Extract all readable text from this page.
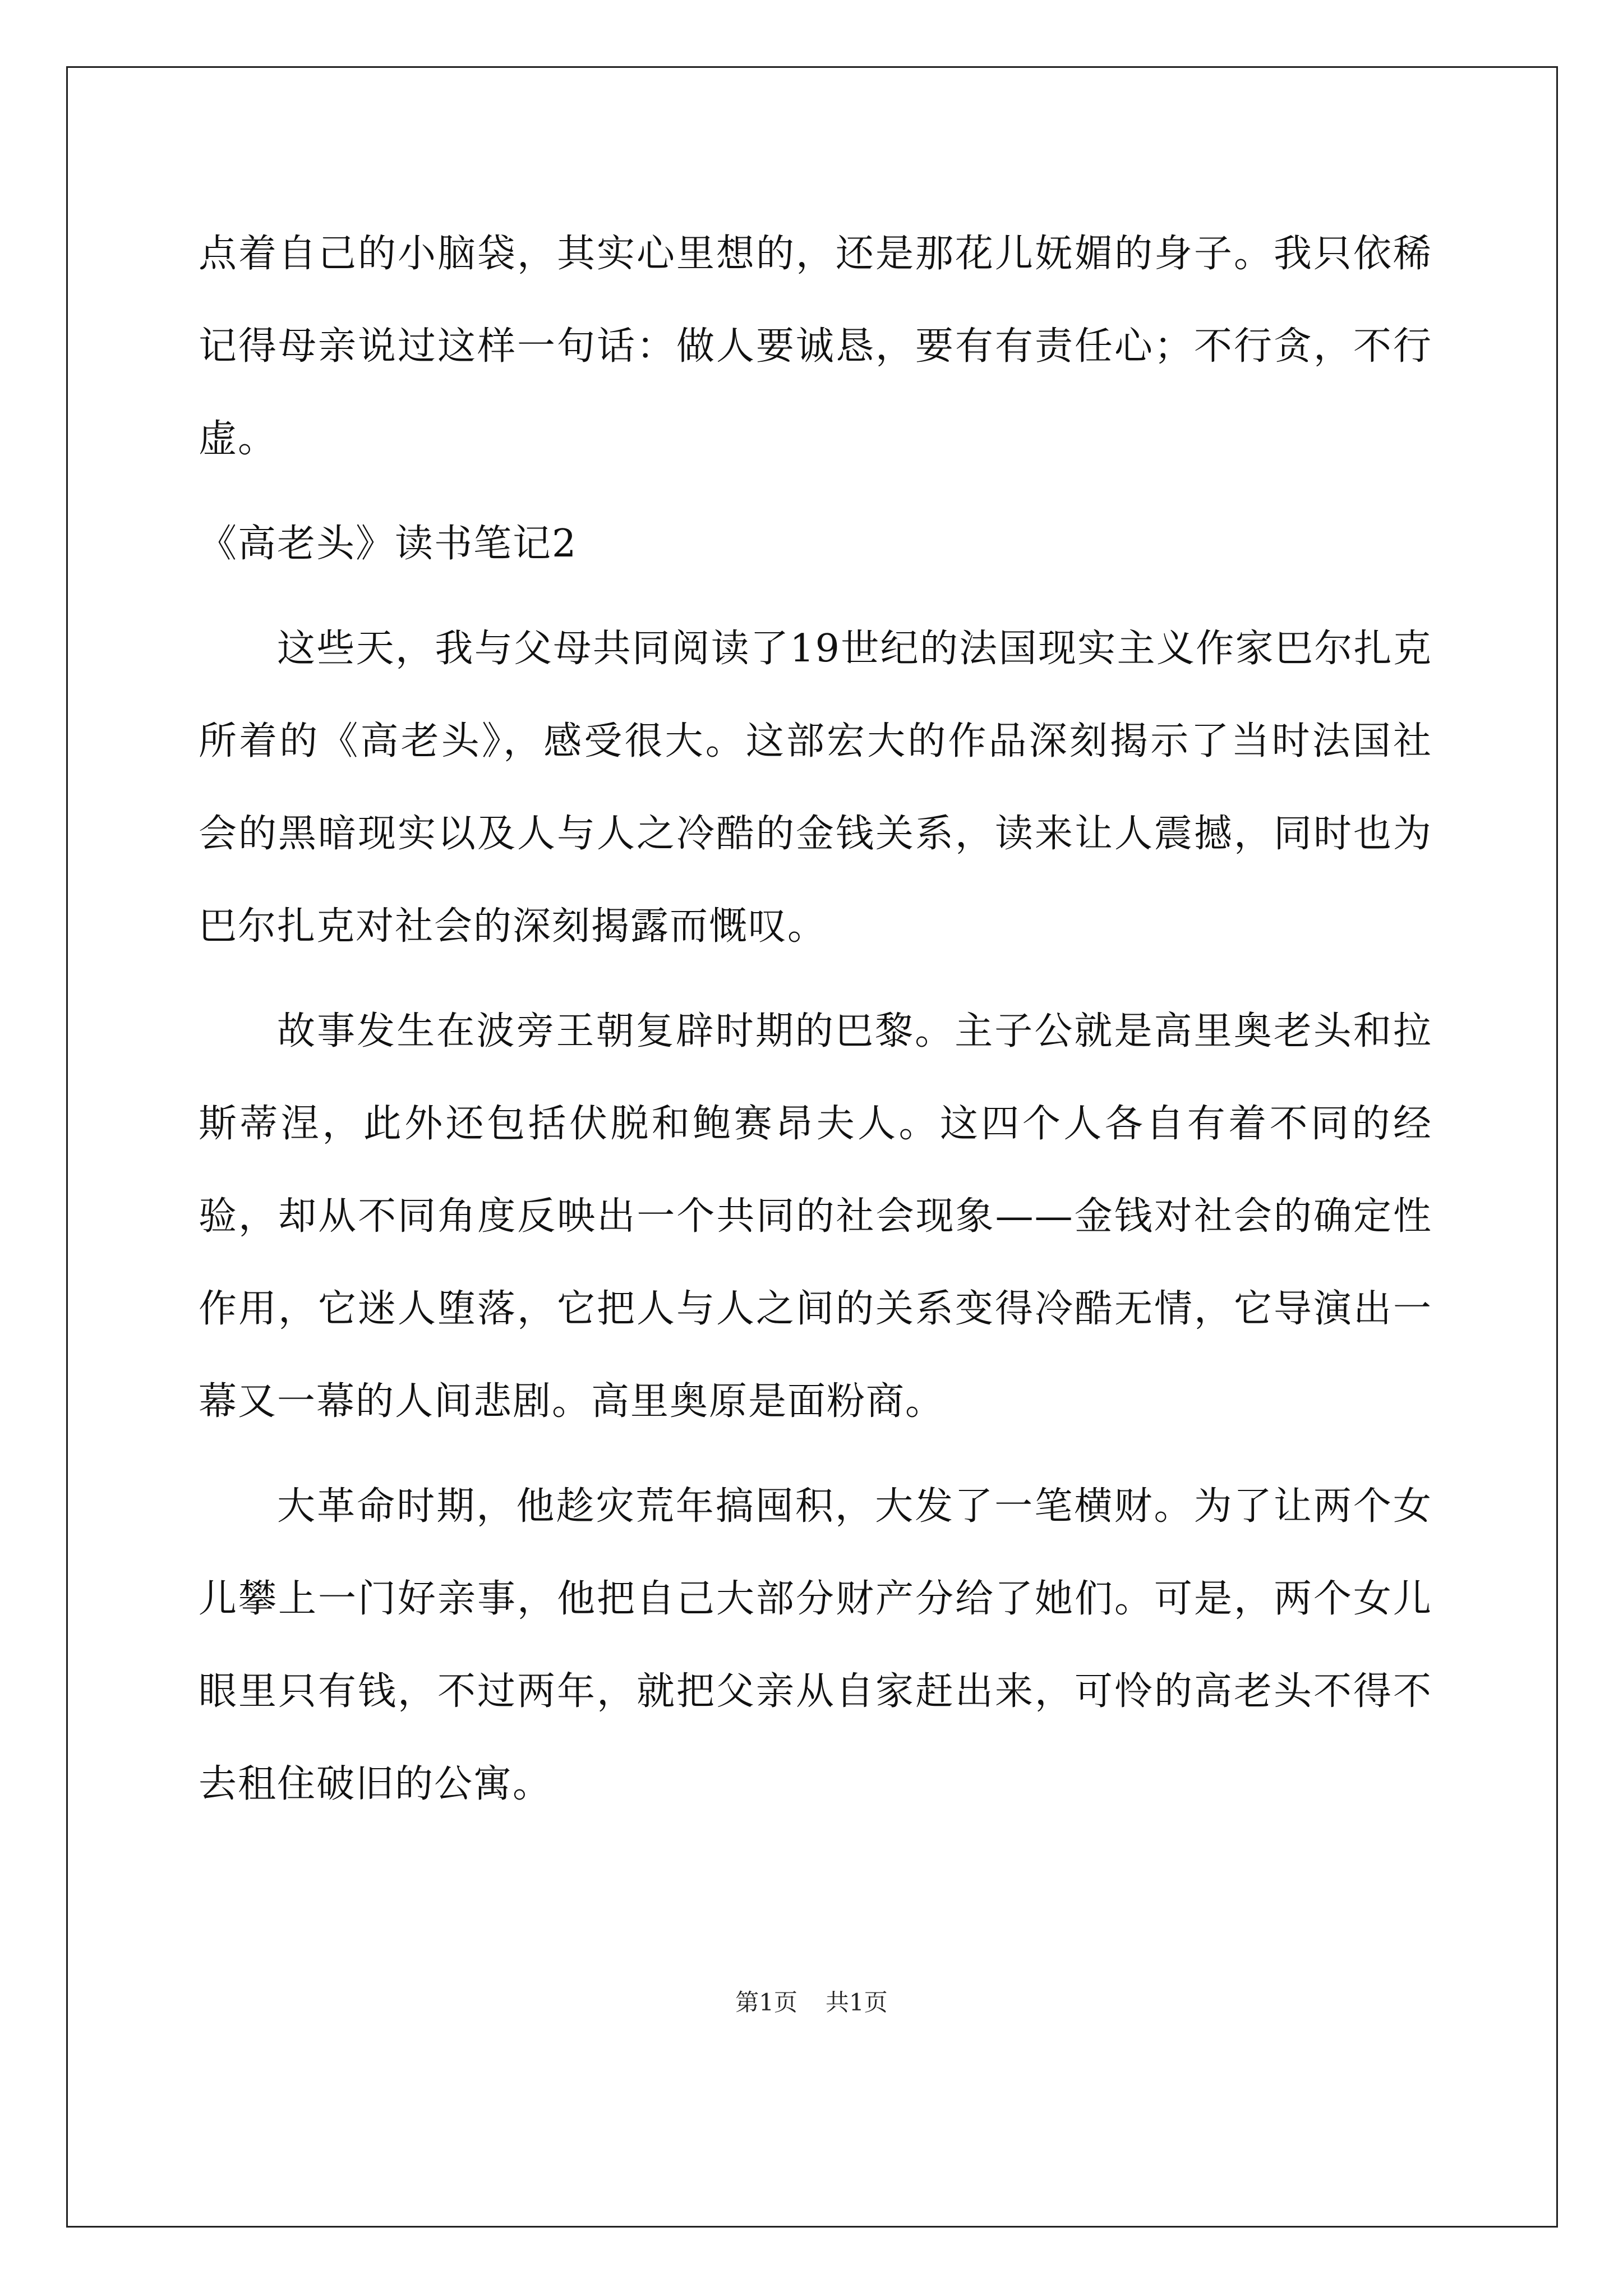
点着自己的小脑袋，其实心里想的，还是那花儿妩媚的身子。我只依稀记得母亲说过这样一句话：做人要诚恳，要有有责任心；不行贪，不行虚。

《高老头》读书笔记2

这些天，我与父母共同阅读了19世纪的法国现实主义作家巴尔扎克所着的《高老头》，感受很大。这部宏大的作品深刻揭示了当时法国社会的黑暗现实以及人与人之冷酷的金钱关系，读来让人震撼，同时也为巴尔扎克对社会的深刻揭露而慨叹。

故事发生在波旁王朝复辟时期的巴黎。主子公就是高里奥老头和拉斯蒂涅，此外还包括伏脱和鲍赛昂夫人。这四个人各自有着不同的经验，却从不同角度反映出一个共同的社会现象——金钱对社会的确定性作用，它迷人堕落，它把人与人之间的关系变得冷酷无情，它导演出一幕又一幕的人间悲剧。高里奥原是面粉商。

大革命时期，他趁灾荒年搞囤积，大发了一笔横财。为了让两个女儿攀上一门好亲事，他把自己大部分财产分给了她们。可是，两个女儿眼里只有钱，不过两年，就把父亲从自家赶出来，可怜的高老头不得不去租住破旧的公寓。

第1页 共1页
